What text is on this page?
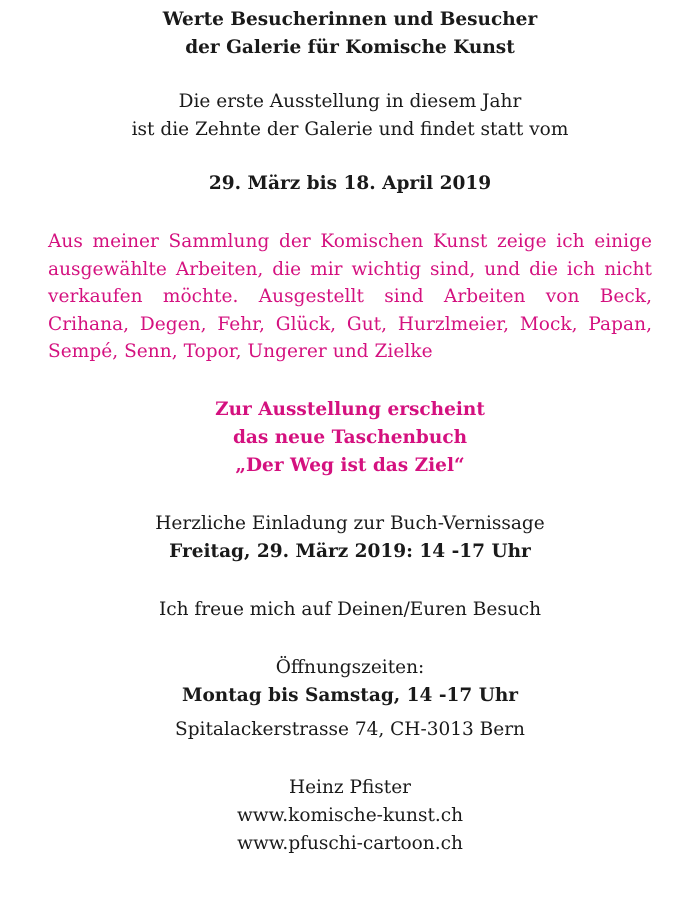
Werte Besucherinnen und Besucher

der Galerie für Komische Kunst

Die erste Ausstellung in diesem Jahr

ist die Zehnte der Galerie und findet statt vom

29. März bis 18. April 2019

Aus meiner Sammlung der Komischen Kunst zeige ich einige
ausgewählte Arbeiten, die mir wichtig sind, und die ich nicht
verkaufen möchte. Ausgestellt sind Arbeiten von Beck,
Crihana, Degen, Fehr, Glück, Gut, Hurzlmeier, Mock, Papan,
Sempé, Senn, Topor, Ungerer und Zielke

Zur Ausstellung erscheint

das neue Taschenbuch

„Der Weg ist das Ziel“

Herzliche Einladung zur Buch-Vernissage

Freitag, 29. März 2019: 14 -17 Uhr

Ich freue mich auf Deinen/Euren Besuch

Öffnungszeiten:

Montag bis Samstag, 14 -17 Uhr

Spitalackerstrasse 74, CH-3013 Bern

Heinz Pfister

www.komische-kunst.ch

www.pfuschi-cartoon.ch
